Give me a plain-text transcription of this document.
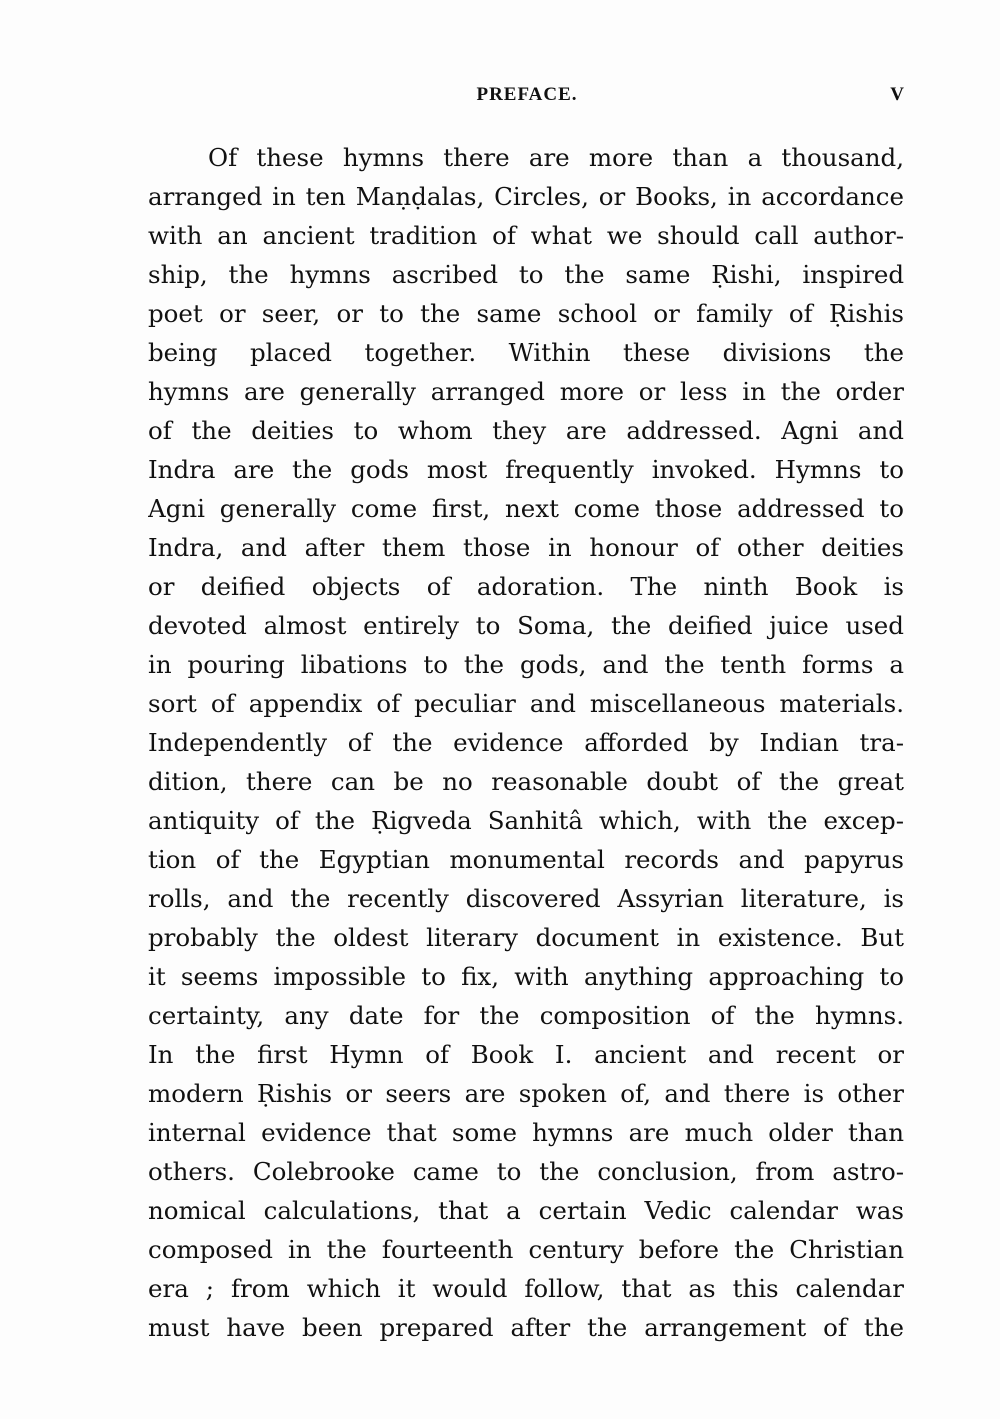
PREFACE.	V
Of these hymns there are more than a thousand,
arranged in ten Maṇḍalas, Circles, or Books, in accordance
with an ancient tradition of what we should call author-
ship, the hymns ascribed to the same Ṛishi, inspired
poet or seer, or to the same school or family of Ṛishis
being placed together. Within these divisions the
hymns are generally arranged more or less in the order
of the deities to whom they are addressed. Agni and
Indra are the gods most frequently invoked. Hymns to
Agni generally come first, next come those addressed to
Indra, and after them those in honour of other deities
or deified objects of adoration. The ninth Book is
devoted almost entirely to Soma, the deified juice used
in pouring libations to the gods, and the tenth forms a
sort of appendix of peculiar and miscellaneous materials.
Independently of the evidence afforded by Indian tra-
dition, there can be no reasonable doubt of the great
antiquity of the Ṛigveda Sanhitâ which, with the excep-
tion of the Egyptian monumental records and papyrus
rolls, and the recently discovered Assyrian literature, is
probably the oldest literary document in existence. But
it seems impossible to fix, with anything approaching to
certainty, any date for the composition of the hymns.
In the first Hymn of Book I. ancient and recent or
modern Ṛishis or seers are spoken of, and there is other
internal evidence that some hymns are much older than
others. Colebrooke came to the conclusion, from astro-
nomical calculations, that a certain Vedic calendar was
composed in the fourteenth century before the Christian
era ; from which it would follow, that as this calendar
must have been prepared after the arrangement of the
